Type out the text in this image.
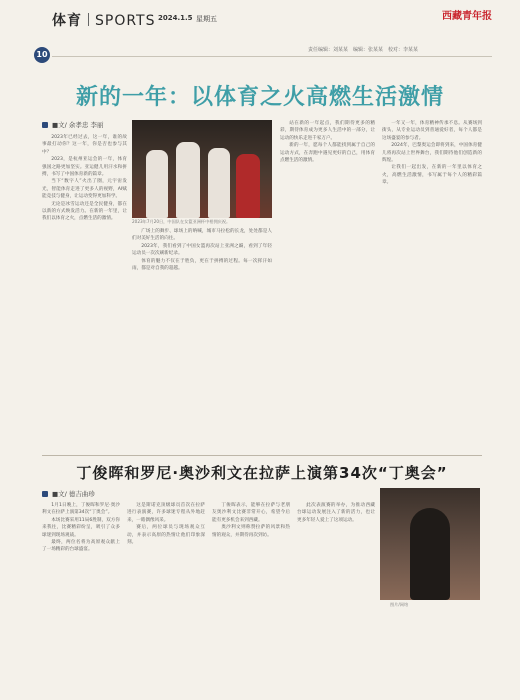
体育 SPORTS 2024.1.5 星期五	西藏青年报
10	责任编辑：刘某某　编辑：张某某　校对：李某某
新的一年：以体育之火高燃生活激情
■文/ 余孝忠 李丽

2023年已经过去，这一年，谁的故事最打动你？这一年，你是否也参与其中？

2023，是杭州亚运会的一年，体育强国之路更加坚实。亚运健儿用汗水和拼搏，书写了中国体育新的篇章。

当下“数字人”火出了圈，元宇宙发光，智能体育走进了更多人的视野，AI赋能竞技与健身，让运动变得更加科学。

无论是冰雪运动还是全民健身，都在以新的方式焕发活力。在新的一年里，让我们以体育之火，点燃生活的激情。

2023年7月20日，中国队在女篮亚洲杯中相拥庆祝。

广场上的舞步、球场上的呐喊，城市马拉松的长龙，处处都是人们对美好生活的向往。

2023年，我们看到了中国女篮再次站上亚洲之巅，看到了年轻运动员一次次刷新纪录。

体育的魅力不仅在于胜负，更在于拼搏的过程。每一次挥汗如雨，都是对自我的超越。

站在新的一年起点，我们期待更多的精彩，期待体育成为更多人生活中的一部分，让运动的快乐走进千家万户。

新的一年，愿每个人都能找到属于自己的运动方式，在奔跑中遇见更好的自己，用体育点燃生活的激情。

一年又一年，体育精神传承不息。从赛场到街头，从专业运动员到普通爱好者，每个人都是这场盛宴的参与者。

2024年，巴黎奥运会即将到来，中国体育健儿将再次站上世界舞台，我们期待他们创造新的辉煌。

让我们一起出发，在新的一年里以体育之火，高燃生活激情，书写属于每个人的精彩篇章。

丁俊晖和罗尼·奥沙利文在拉萨上演第34次“丁奥会”
■文/ 德吉曲珍

1月1日晚上，丁俊晖和罗尼·奥沙利文在拉萨上演第34次“丁奥会”。

本场比赛采用11局6胜制，双方你来我往，比赛精彩纷呈，吸引了众多球迷到现场观战。

最终，两位名将为高原观众献上了一场精彩的台球盛宴。

这是斯诺克顶级球员首次在拉萨进行表演赛，许多球迷专程从外地赶来，一睹偶像风采。

赛后，两位球员与现场观众互动，并表示高原的热情让他们印象深刻。

丁俊晖表示，能够在拉萨与老朋友奥沙利文比赛非常开心，希望今后能有更多机会来到西藏。

奥沙利文则称赞拉萨的风景和热情的观众，并期待再次到访。

此次表演赛的举办，为推动西藏台球运动发展注入了新的活力，也让更多年轻人爱上了这项运动。

图片/网络
